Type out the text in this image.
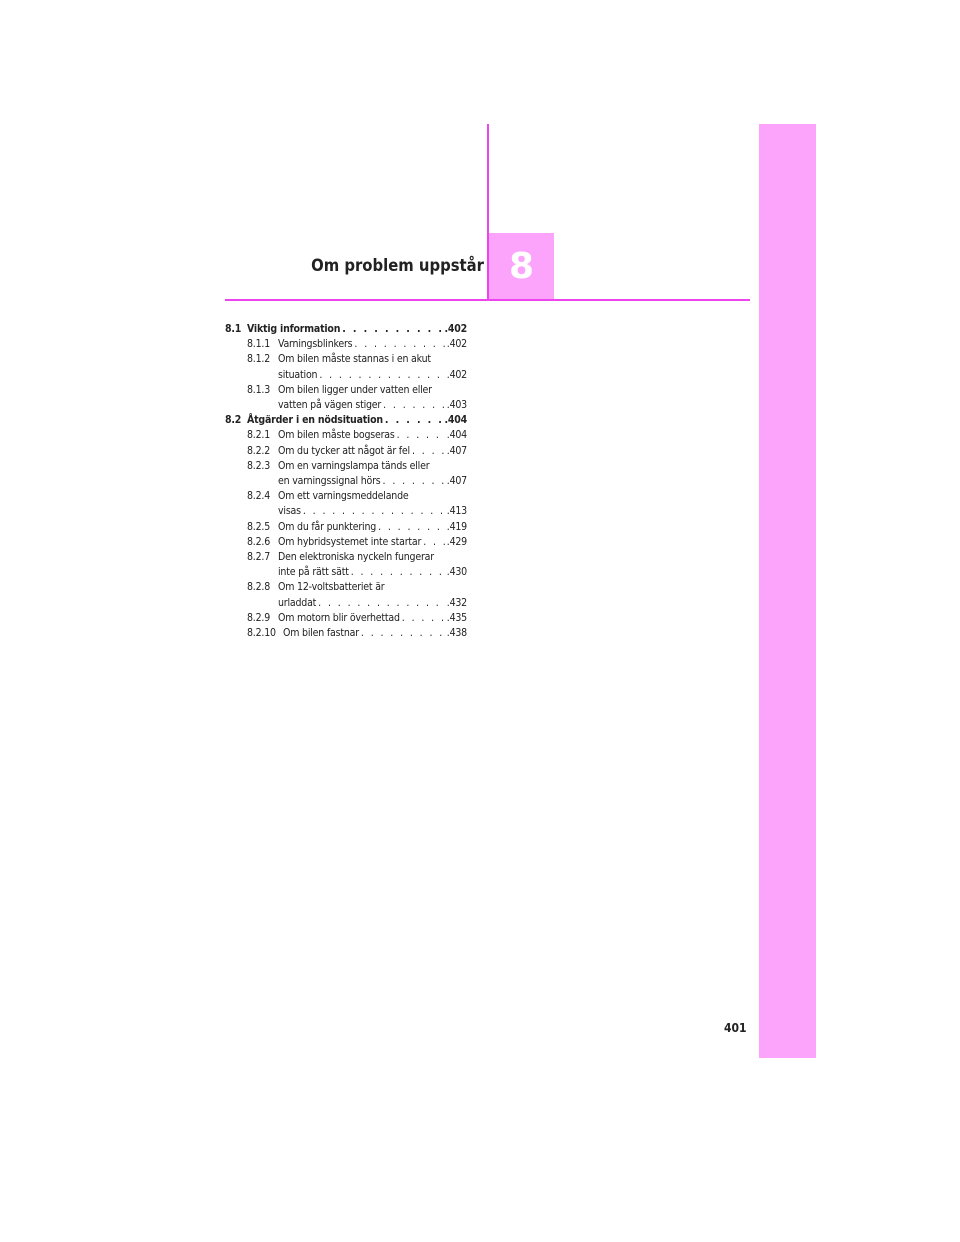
Om problem uppstår 8
8.1 Viktig information . . .	.402
8.1.1 Varningsblinkers . . .	.402
8.1.2 Om bilen måste stannas i en akut
situation . . .	.402
8.1.3 Om bilen ligger under vatten eller
vatten på vägen stiger . . .	.403
8.2 Åtgärder i en nödsituation . . .	.404
8.2.1 Om bilen måste bogseras . . .	.404
8.2.2 Om du tycker att något är fel . . .	.407
8.2.3 Om en varningslampa tänds eller
en varningssignal hörs . . .	.407
8.2.4 Om ett varningsmeddelande
visas . . .	.413
8.2.5 Om du får punktering . . .	.419
8.2.6 Om hybridsystemet inte startar . . . .429
8.2.7 Den elektroniska nyckeln fungerar
inte på rätt sätt . . .	.430
8.2.8 Om 12-voltsbatteriet är
urladdat . . .	.432
8.2.9 Om motorn blir överhettad . . .	.435
8.2.10 Om bilen fastnar . . .	.438
401
